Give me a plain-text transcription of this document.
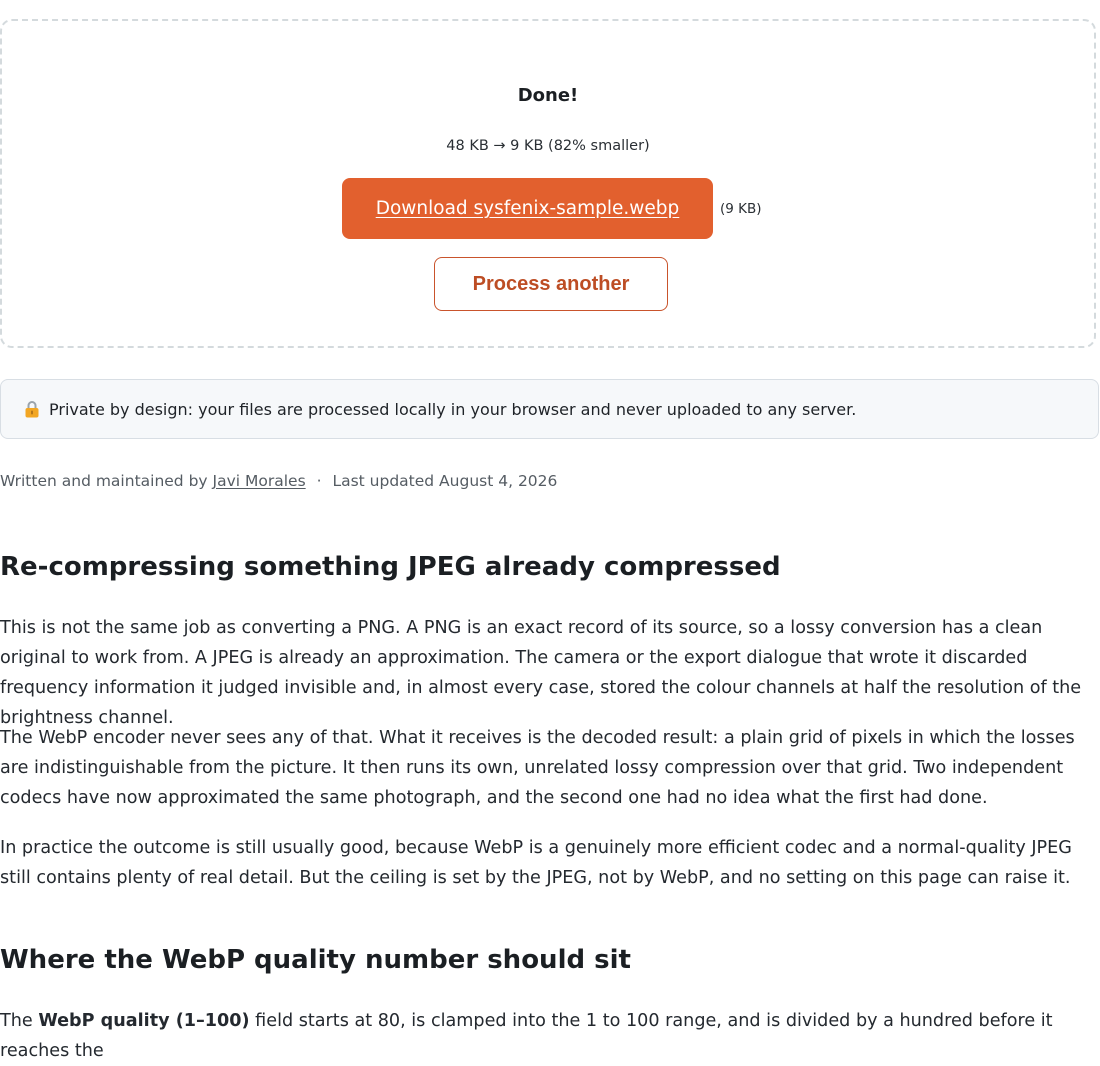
Done!
48 KB → 9 KB (82% smaller)
Download sysfenix-sample.webp	(9 KB)
Process another
Private by design: your files are processed locally in your browser and never uploaded to any server.
Written and maintained by Javi Morales · Last updated August 4, 2026
Re-compressing something JPEG already compressed

This is not the same job as converting a PNG. A PNG is an exact record of its source, so a lossy conversion has a clean original to work from. A JPEG is already an approximation. The camera or the export dialogue that wrote it discarded frequency information it judged invisible and, in almost every case, stored the colour channels at half the resolution of the brightness channel.

The WebP encoder never sees any of that. What it receives is the decoded result: a plain grid of pixels in which the losses are indistinguishable from the picture. It then runs its own, unrelated lossy compression over that grid. Two independent codecs have now approximated the same photograph, and the second one had no idea what the first had done.

In practice the outcome is still usually good, because WebP is a genuinely more efficient codec and a normal-quality JPEG still contains plenty of real detail. But the ceiling is set by the JPEG, not by WebP, and no setting on this page can raise it.

Where the WebP quality number should sit

The WebP quality (1–100) field starts at 80, is clamped into the 1 to 100 range, and is divided by a hundred before it reaches the
